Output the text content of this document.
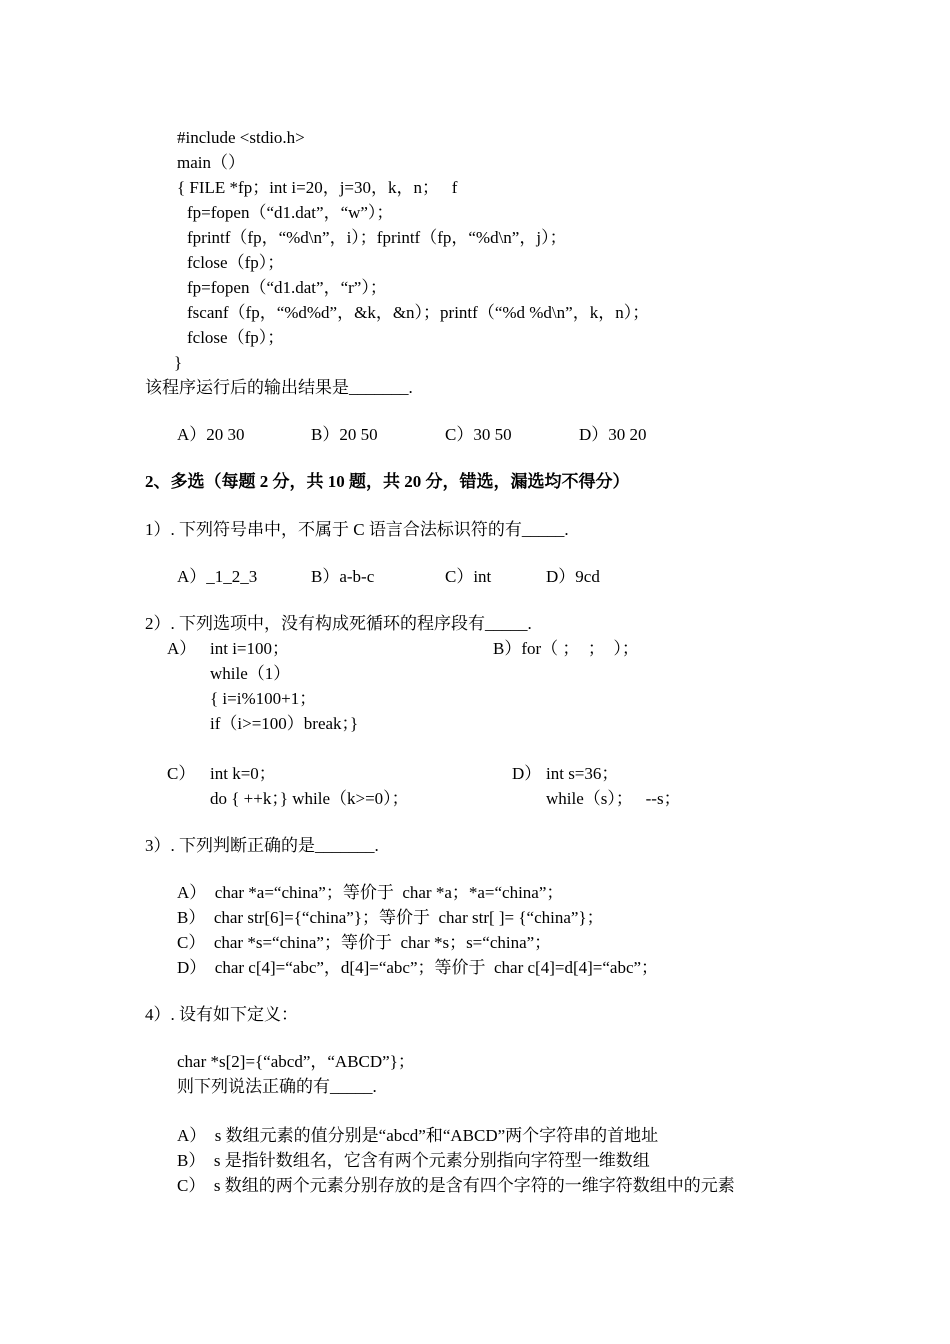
#include <stdio.h>
main（）
{ FILE *fp；int i=20，j=30，k，n；   f
fp=fopen（“d1.dat”，“w”）；
fprintf（fp，“%d\n”，i）；fprintf（fp，“%d\n”，j）；
fclose（fp）；
fp=fopen（“d1.dat”，“r”）；
fscanf（fp，“%d%d”，&k，&n）；printf（“%d %d\n”，k，n）；
fclose（fp）；
}
该程序运行后的输出结果是_______.
A）20 30	B）20 50	C）30 50	D）30 20
2、多选（每题 2 分，共 10 题，共 20 分，错选，漏选均不得分）
1）. 下列符号串中，不属于 C 语言合法标识符的有_____.
A）_1_2_3	B）a-b-c	C）int	D）9cd
2）. 下列选项中，没有构成死循环的程序段有_____.
A） int i=100；
while（1）
{ i=i%100+1；
if（i>=100）break；}
B）for（ ；  ；  ）；
C） int k=0；
do { ++k；} while（k>=0）；
D） int s=36；
while（s）；   --s；
3）. 下列判断正确的是_______.
A）  char *a=“china”；等价于  char *a；*a=“china”；
B）  char str[6]={“china”}；等价于  char str[ ]= {“china”}；
C）  char *s=“china”；等价于  char *s；s=“china”；
D）  char c[4]=“abc”，d[4]=“abc”；等价于  char c[4]=d[4]=“abc”；
4）. 设有如下定义：
char *s[2]={“abcd”，“ABCD”}；
则下列说法正确的有_____.
A）  s 数组元素的值分别是“abcd”和“ABCD”两个字符串的首地址
B）  s 是指针数组名，它含有两个元素分别指向字符型一维数组
C）  s 数组的两个元素分别存放的是含有四个字符的一维字符数组中的元素
